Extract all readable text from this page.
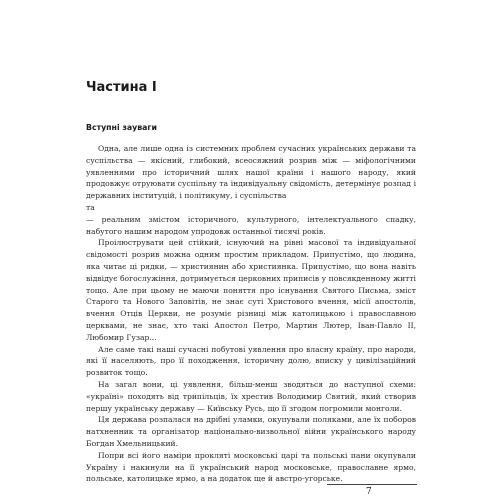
Частина I
Вступні зауваги

Одна, але лише одна із системних проблем сучасних українських держави та суспільства — якісний, глибокий, всеосяжний розрив між — міфологічними уявленнями про історичний шлях нашої країни і нашого народу, який продовжує отруювати суспільну та індивідуальну свідомість, детермінує розпад і державних інституцій, і політикуму, і суспільства

та

— реальним змістом історичного, культурного, інтелектуального спадку, набутого нашим народом упродовж останньої тисячі років.

Проілюструвати цей стійкий, існуючий на рівні масової та індивідуальної свідомості розрив можна одним простим прикладом. Припустімо, що людина, яка читає ці рядки, — християнин або християнка. Припустімо, що вона навіть відвідує богослужіння, дотримується церковних приписів у повсякденному житті тощо. Але при цьому не маючи поняття про існування Святого Письма, зміст Старого та Нового Заповітів, не знає суті Христового вчення, місії апостолів, вчення Отців Церкви, не розуміє різниці між католицькою і православною церквами, не знає, хто такі Апостол Петро, Мартин Лютер, Іван-Павло II, Любомир Гузар...

Але саме такі наші сучасні побутові уявлення про власну країну, про народи, які її населяють, про її походження, історичну долю, вписку у цивілізаційний розвиток тощо.

На загал вони, ці уявлення, більш-менш зводяться до наступної схеми: «україні» походять від трипільців, їх хрестив Володимир Святий, який створив першу українську державу — Київську Русь, що її згодом погромили монголи.

Ця держава розпалася на дрібні уламки, окупували поляками, але їх поборов натхненник та організатор національно-визвольної війни українського народу Богдан Хмельницький.

Попри всі його наміри прокляті московські царі та польські пани окупували Україну і накинули на її український народ московське, православне ярмо, польське, католицьке ярмо, а на додаток ще й австро-угорське.

7
